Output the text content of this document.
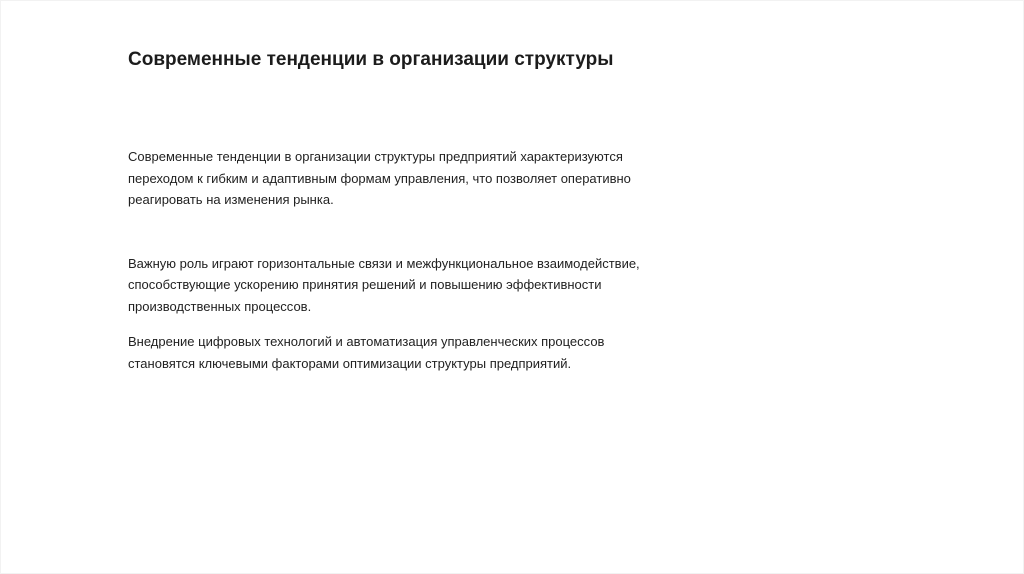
Современные тенденции в организации структуры

Современные тенденции в организации структуры предприятий характеризуются
переходом к гибким и адаптивным формам управления, что позволяет оперативно
реагировать на изменения рынка.

Важную роль играют горизонтальные связи и межфункциональное взаимодействие,
способствующие ускорению принятия решений и повышению эффективности
производственных процессов.

Внедрение цифровых технологий и автоматизация управленческих процессов
становятся ключевыми факторами оптимизации структуры предприятий.
